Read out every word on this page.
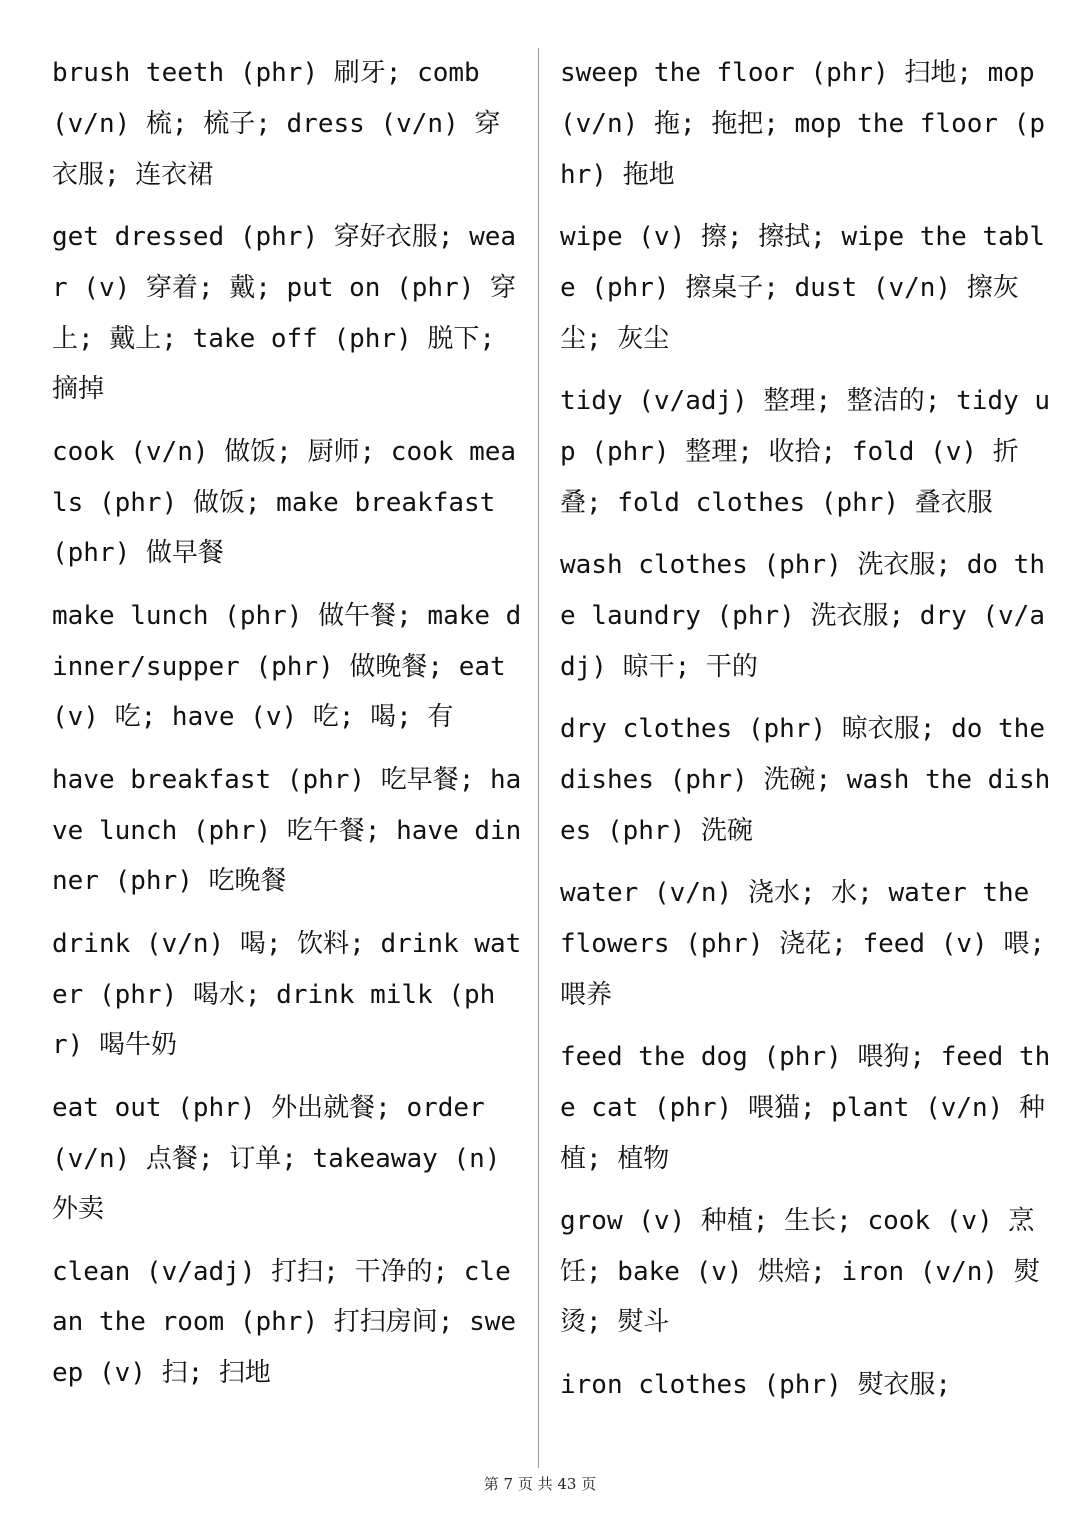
brush teeth (phr) 刷牙; comb (v/n) 梳; 梳子; dress (v/n) 穿衣服; 连衣裙

get dressed (phr) 穿好衣服; wear (v) 穿着; 戴; put on (phr) 穿上; 戴上; take off (phr) 脱下; 摘掉

cook (v/n) 做饭; 厨师; cook meals (phr) 做饭; make breakfast (phr) 做早餐

make lunch (phr) 做午餐; make dinner/supper (phr) 做晚餐; eat (v) 吃; have (v) 吃; 喝; 有

have breakfast (phr) 吃早餐; have lunch (phr) 吃午餐; have dinner (phr) 吃晚餐

drink (v/n) 喝; 饮料; drink water (phr) 喝水; drink milk (phr) 喝牛奶

eat out (phr) 外出就餐; order (v/n) 点餐; 订单; takeaway (n) 外卖

clean (v/adj) 打扫; 干净的; clean the room (phr) 打扫房间; sweep (v) 扫; 扫地

sweep the floor (phr) 扫地; mop (v/n) 拖; 拖把; mop the floor (phr) 拖地

wipe (v) 擦; 擦拭; wipe the table (phr) 擦桌子; dust (v/n) 擦灰尘; 灰尘

tidy (v/adj) 整理; 整洁的; tidy up (phr) 整理; 收拾; fold (v) 折叠; fold clothes (phr) 叠衣服

wash clothes (phr) 洗衣服; do the laundry (phr) 洗衣服; dry (v/adj) 晾干; 干的

dry clothes (phr) 晾衣服; do the dishes (phr) 洗碗; wash the dishes (phr) 洗碗

water (v/n) 浇水; 水; water the flowers (phr) 浇花; feed (v) 喂; 喂养

feed the dog (phr) 喂狗; feed the cat (phr) 喂猫; plant (v/n) 种植; 植物

grow (v) 种植; 生长; cook (v) 烹饪; bake (v) 烘焙; iron (v/n) 熨烫; 熨斗

iron clothes (phr) 熨衣服;

第 7 页 共 43 页
